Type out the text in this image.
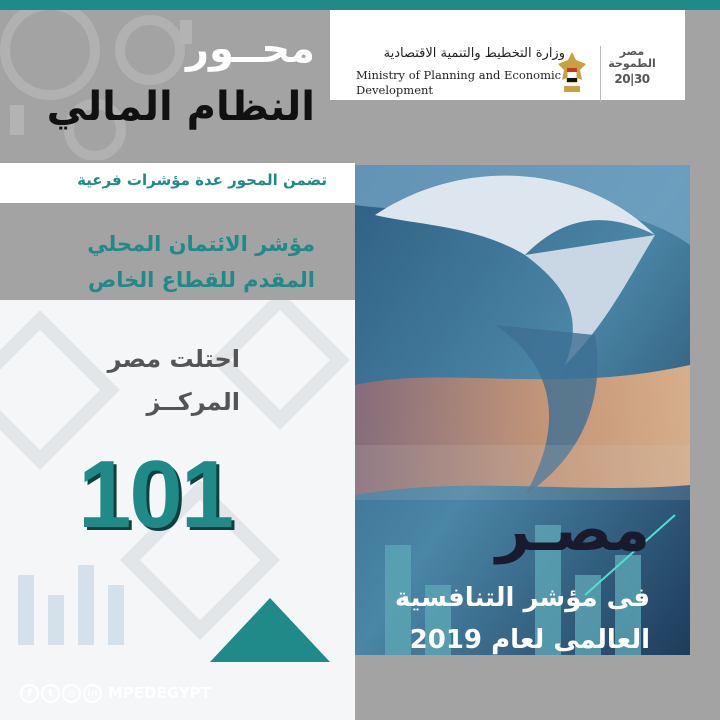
وزارة التخطيط والتنمية الاقتصادية
Ministry of Planning and Economic
Development
مصر الطموحة
20|30
محــور
النظام المالي
تضمن المحور عدة مؤشرات فرعية
مؤشر الائتمان المحلي
المقدم للقطاع الخاص
احتلت مصر
المركــز
101	مصـر
فى مؤشر التنافسية
العالمى لعام 2019
f	t	◎	in MPEDEGYPT
